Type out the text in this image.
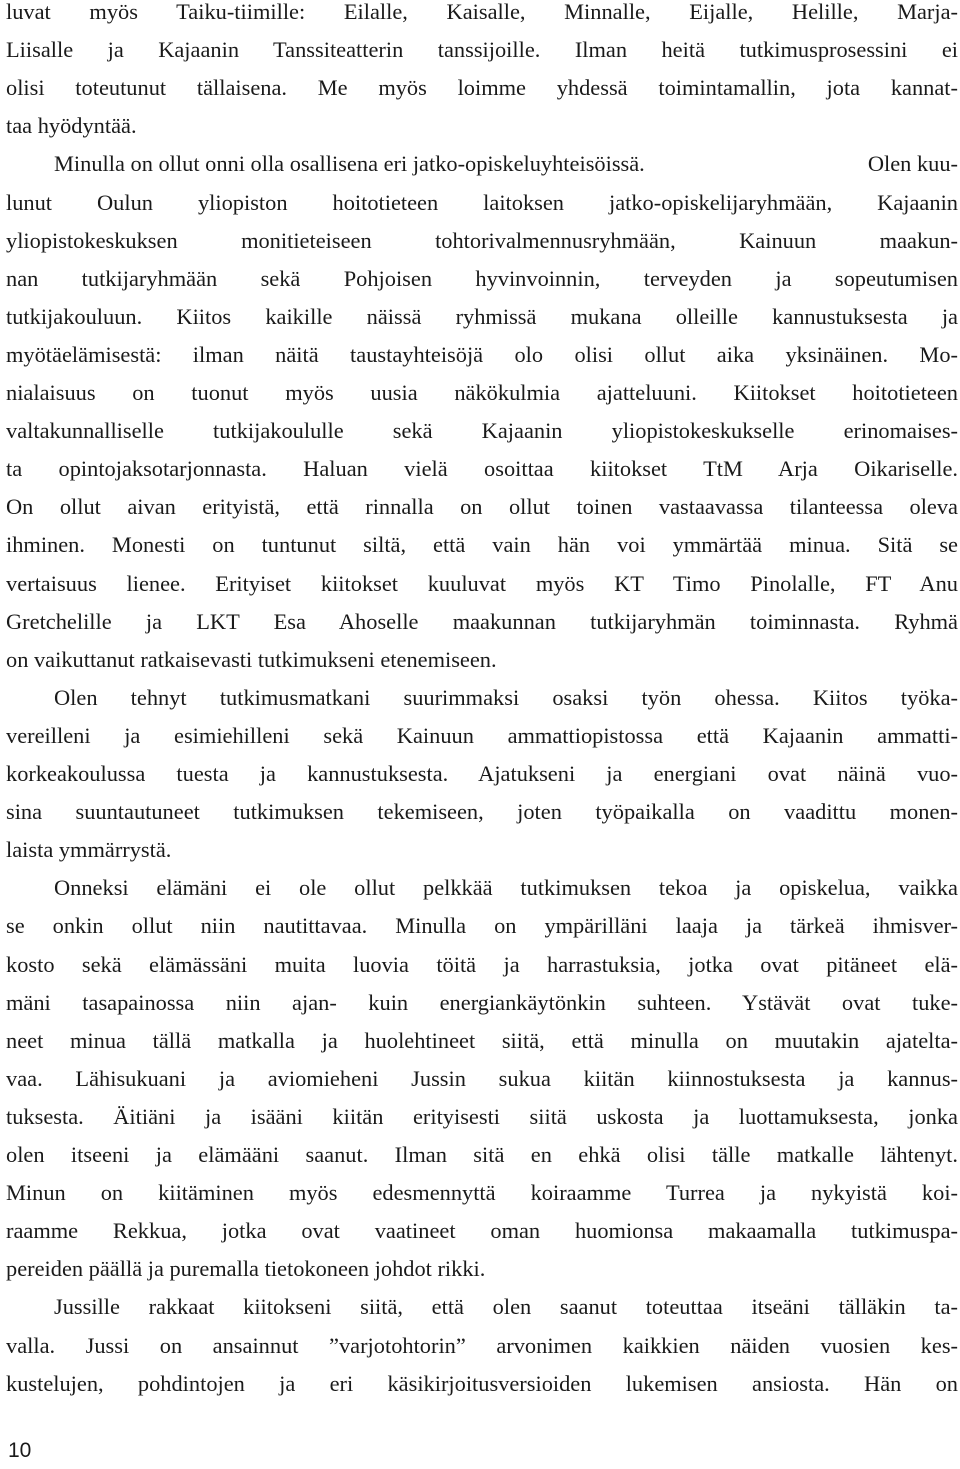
luvat myös Taiku-tiimille: Eilalle, Kaisalle, Minnalle, Eijalle, Helille, Marja-
Liisalle ja Kajaanin Tanssiteatterin tanssijoille. Ilman heitä tutkimusprosessini ei
olisi toteutunut tällaisena. Me myös loimme yhdessä toimintamallin, jota kannat-
taa hyödyntää.
Minulla on ollut onni olla osallisena eri jatko-opiskeluyhteisöissä.	Olen kuu-
lunut Oulun yliopiston hoitotieteen laitoksen jatko-opiskelijaryhmään, Kajaanin
yliopistokeskuksen monitieteiseen tohtorivalmennusryhmään, Kainuun maakun-
nan tutkijaryhmään sekä Pohjoisen hyvinvoinnin, terveyden ja sopeutumisen
tutkijakouluun. Kiitos kaikille näissä ryhmissä mukana olleille kannustuksesta ja
myötäelämisestä: ilman näitä taustayhteisöjä olo olisi ollut aika yksinäinen. Mo-
nialaisuus on tuonut myös uusia näkökulmia ajatteluuni. Kiitokset hoitotieteen
valtakunnalliselle tutkijakoululle sekä Kajaanin yliopistokeskukselle erinomaises-
ta opintojaksotarjonnasta. Haluan vielä osoittaa kiitokset TtM Arja Oikariselle.
On ollut aivan erityistä, että rinnalla on ollut toinen vastaavassa tilanteessa oleva
ihminen. Monesti on tuntunut siltä, että vain hän voi ymmärtää minua. Sitä se
vertaisuus lienee. Erityiset kiitokset kuuluvat myös KT Timo Pinolalle, FT Anu
Gretchelille ja LKT Esa Ahoselle maakunnan tutkijaryhmän toiminnasta. Ryhmä
on vaikuttanut ratkaisevasti tutkimukseni etenemiseen.
Olen tehnyt tutkimusmatkani suurimmaksi osaksi työn ohessa. Kiitos työka-
vereilleni ja esimiehilleni sekä Kainuun ammattiopistossa että Kajaanin ammatti-
korkeakoulussa tuesta ja kannustuksesta. Ajatukseni ja energiani ovat näinä vuo-
sina suuntautuneet tutkimuksen tekemiseen, joten työpaikalla on vaadittu monen-
laista ymmärrystä.
Onneksi elämäni ei ole ollut pelkkää tutkimuksen tekoa ja opiskelua, vaikka
se onkin ollut niin nautittavaa. Minulla on ympärilläni laaja ja tärkeä ihmisver-
kosto sekä elämässäni muita luovia töitä ja harrastuksia, jotka ovat pitäneet elä-
mäni tasapainossa niin ajan- kuin energiankäytönkin suhteen. Ystävät ovat tuke-
neet minua tällä matkalla ja huolehtineet siitä, että minulla on muutakin ajatelta-
vaa. Lähisukuani ja aviomieheni Jussin sukua kiitän kiinnostuksesta ja kannus-
tuksesta. Äitiäni ja isääni kiitän erityisesti siitä uskosta ja luottamuksesta, jonka
olen itseeni ja elämääni saanut. Ilman sitä en ehkä olisi tälle matkalle lähtenyt.
Minun on kiitäminen myös edesmennyttä koiraamme Turrea ja nykyistä koi-
raamme Rekkua, jotka ovat vaatineet oman huomionsa makaamalla tutkimuspa-
pereiden päällä ja puremalla tietokoneen johdot rikki.
Jussille rakkaat kiitokseni siitä, että olen saanut toteuttaa itseäni tälläkin ta-
valla. Jussi on ansainnut ”varjotohtorin” arvonimen kaikkien näiden vuosien kes-
kustelujen, pohdintojen ja eri käsikirjoitusversioiden lukemisen ansiosta. Hän on
10
